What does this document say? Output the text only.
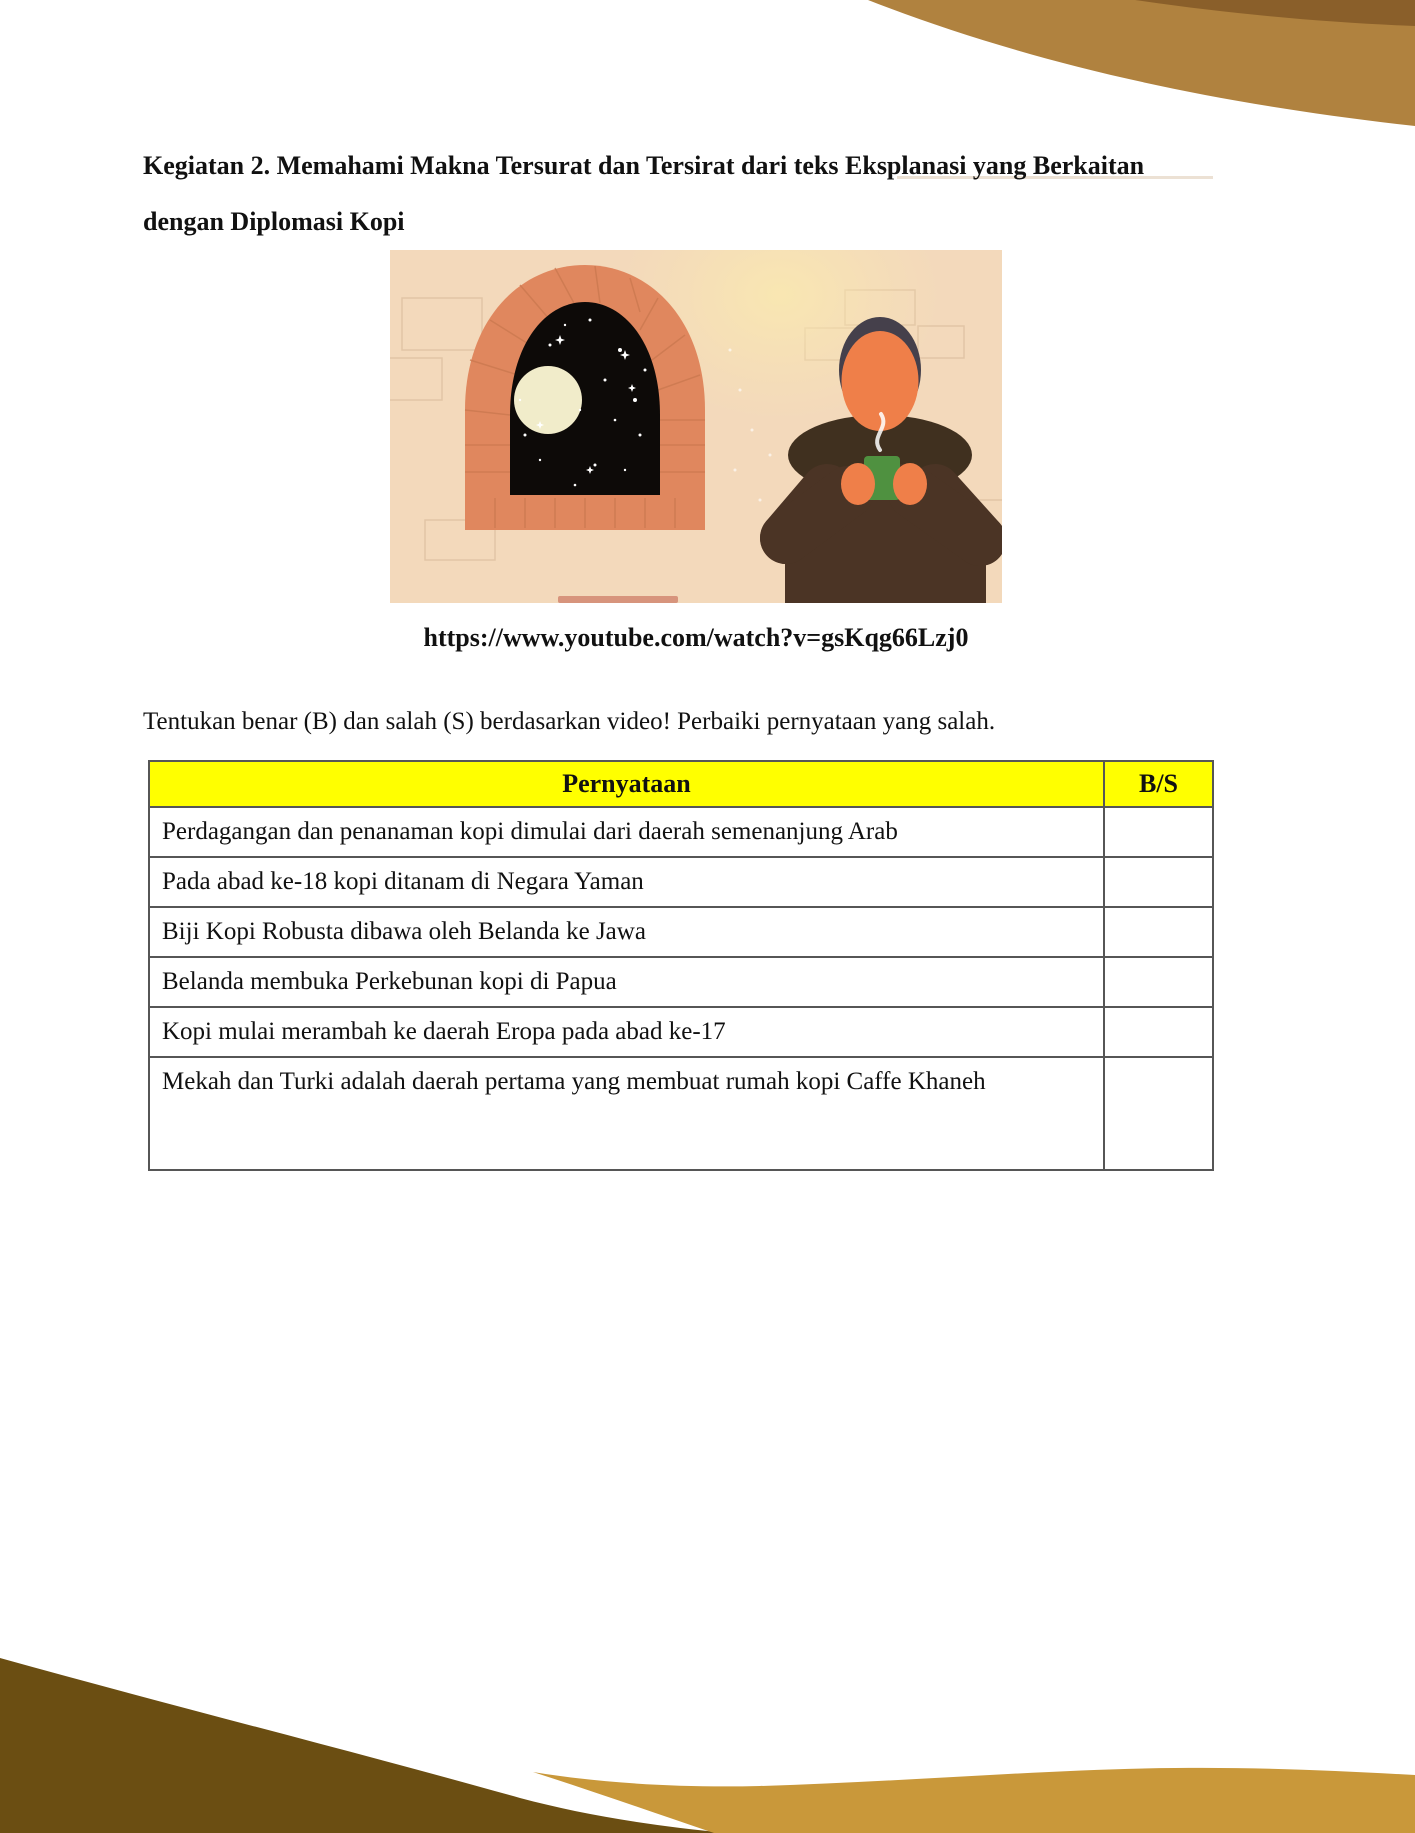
Kegiatan 2. Memahami Makna Tersurat dan Tersirat dari teks Eksplanasi yang Berkaitan
dengan Diplomasi Kopi
https://www.youtube.com/watch?v=gsKqg66Lzj0
Tentukan benar (B) dan salah (S) berdasarkan video! Perbaiki pernyataan yang salah.
Pernyataan	B/S
Perdagangan dan penanaman kopi dimulai dari daerah semenanjung Arab	
Pada abad ke-18 kopi ditanam di Negara Yaman	
Biji Kopi Robusta dibawa oleh Belanda ke Jawa	
Belanda membuka Perkebunan kopi di Papua	
Kopi mulai merambah ke daerah Eropa pada abad ke-17	
Mekah dan Turki adalah daerah pertama yang membuat rumah kopi Caffe Khaneh	
